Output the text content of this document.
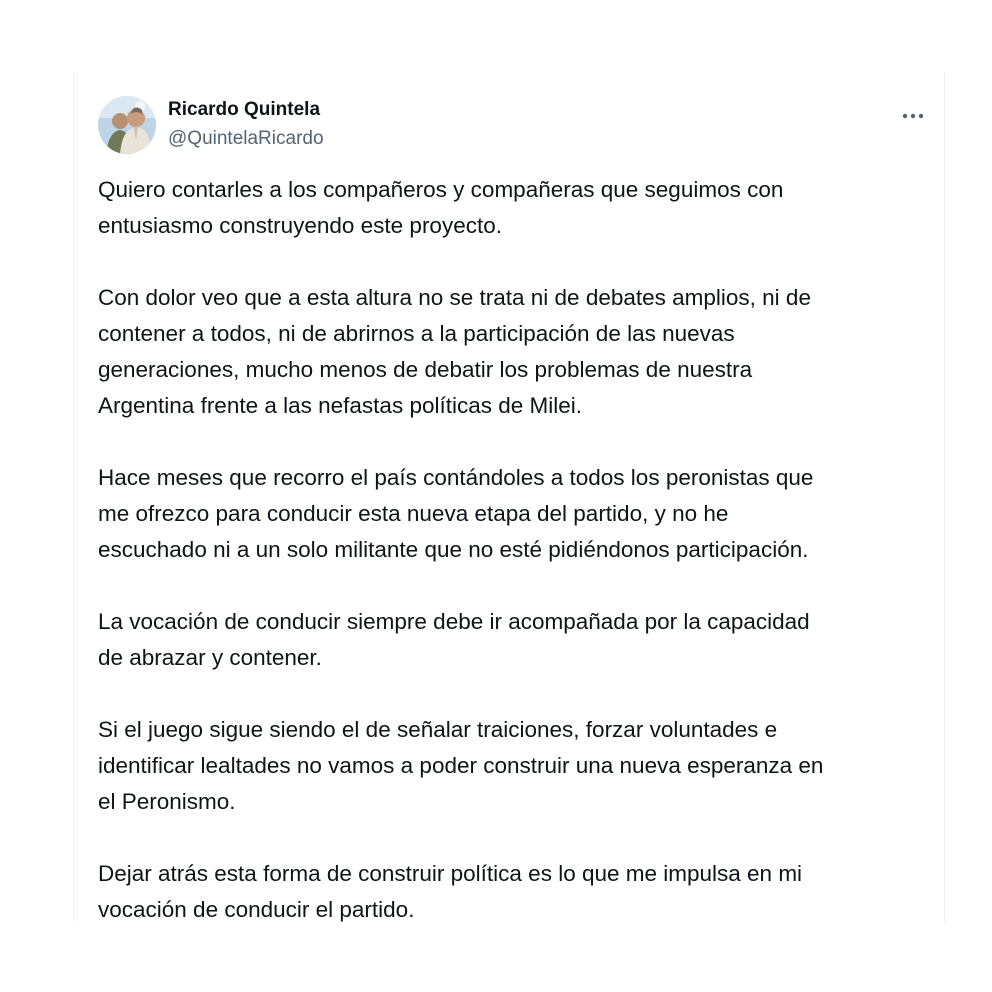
Ricardo Quintela
@QuintelaRicardo

Quiero contarles a los compañeros y compañeras que seguimos con
entusiasmo construyendo este proyecto.

Con dolor veo que a esta altura no se trata ni de debates amplios, ni de
contener a todos, ni de abrirnos a la participación de las nuevas
generaciones, mucho menos de debatir los problemas de nuestra
Argentina frente a las nefastas políticas de Milei.

Hace meses que recorro el país contándoles a todos los peronistas que
me ofrezco para conducir esta nueva etapa del partido, y no he
escuchado ni a un solo militante que no esté pidiéndonos participación.

La vocación de conducir siempre debe ir acompañada por la capacidad
de abrazar y contener.

Si el juego sigue siendo el de señalar traiciones, forzar voluntades e
identificar lealtades no vamos a poder construir una nueva esperanza en
el Peronismo.

Dejar atrás esta forma de construir política es lo que me impulsa en mi
vocación de conducir el partido.
